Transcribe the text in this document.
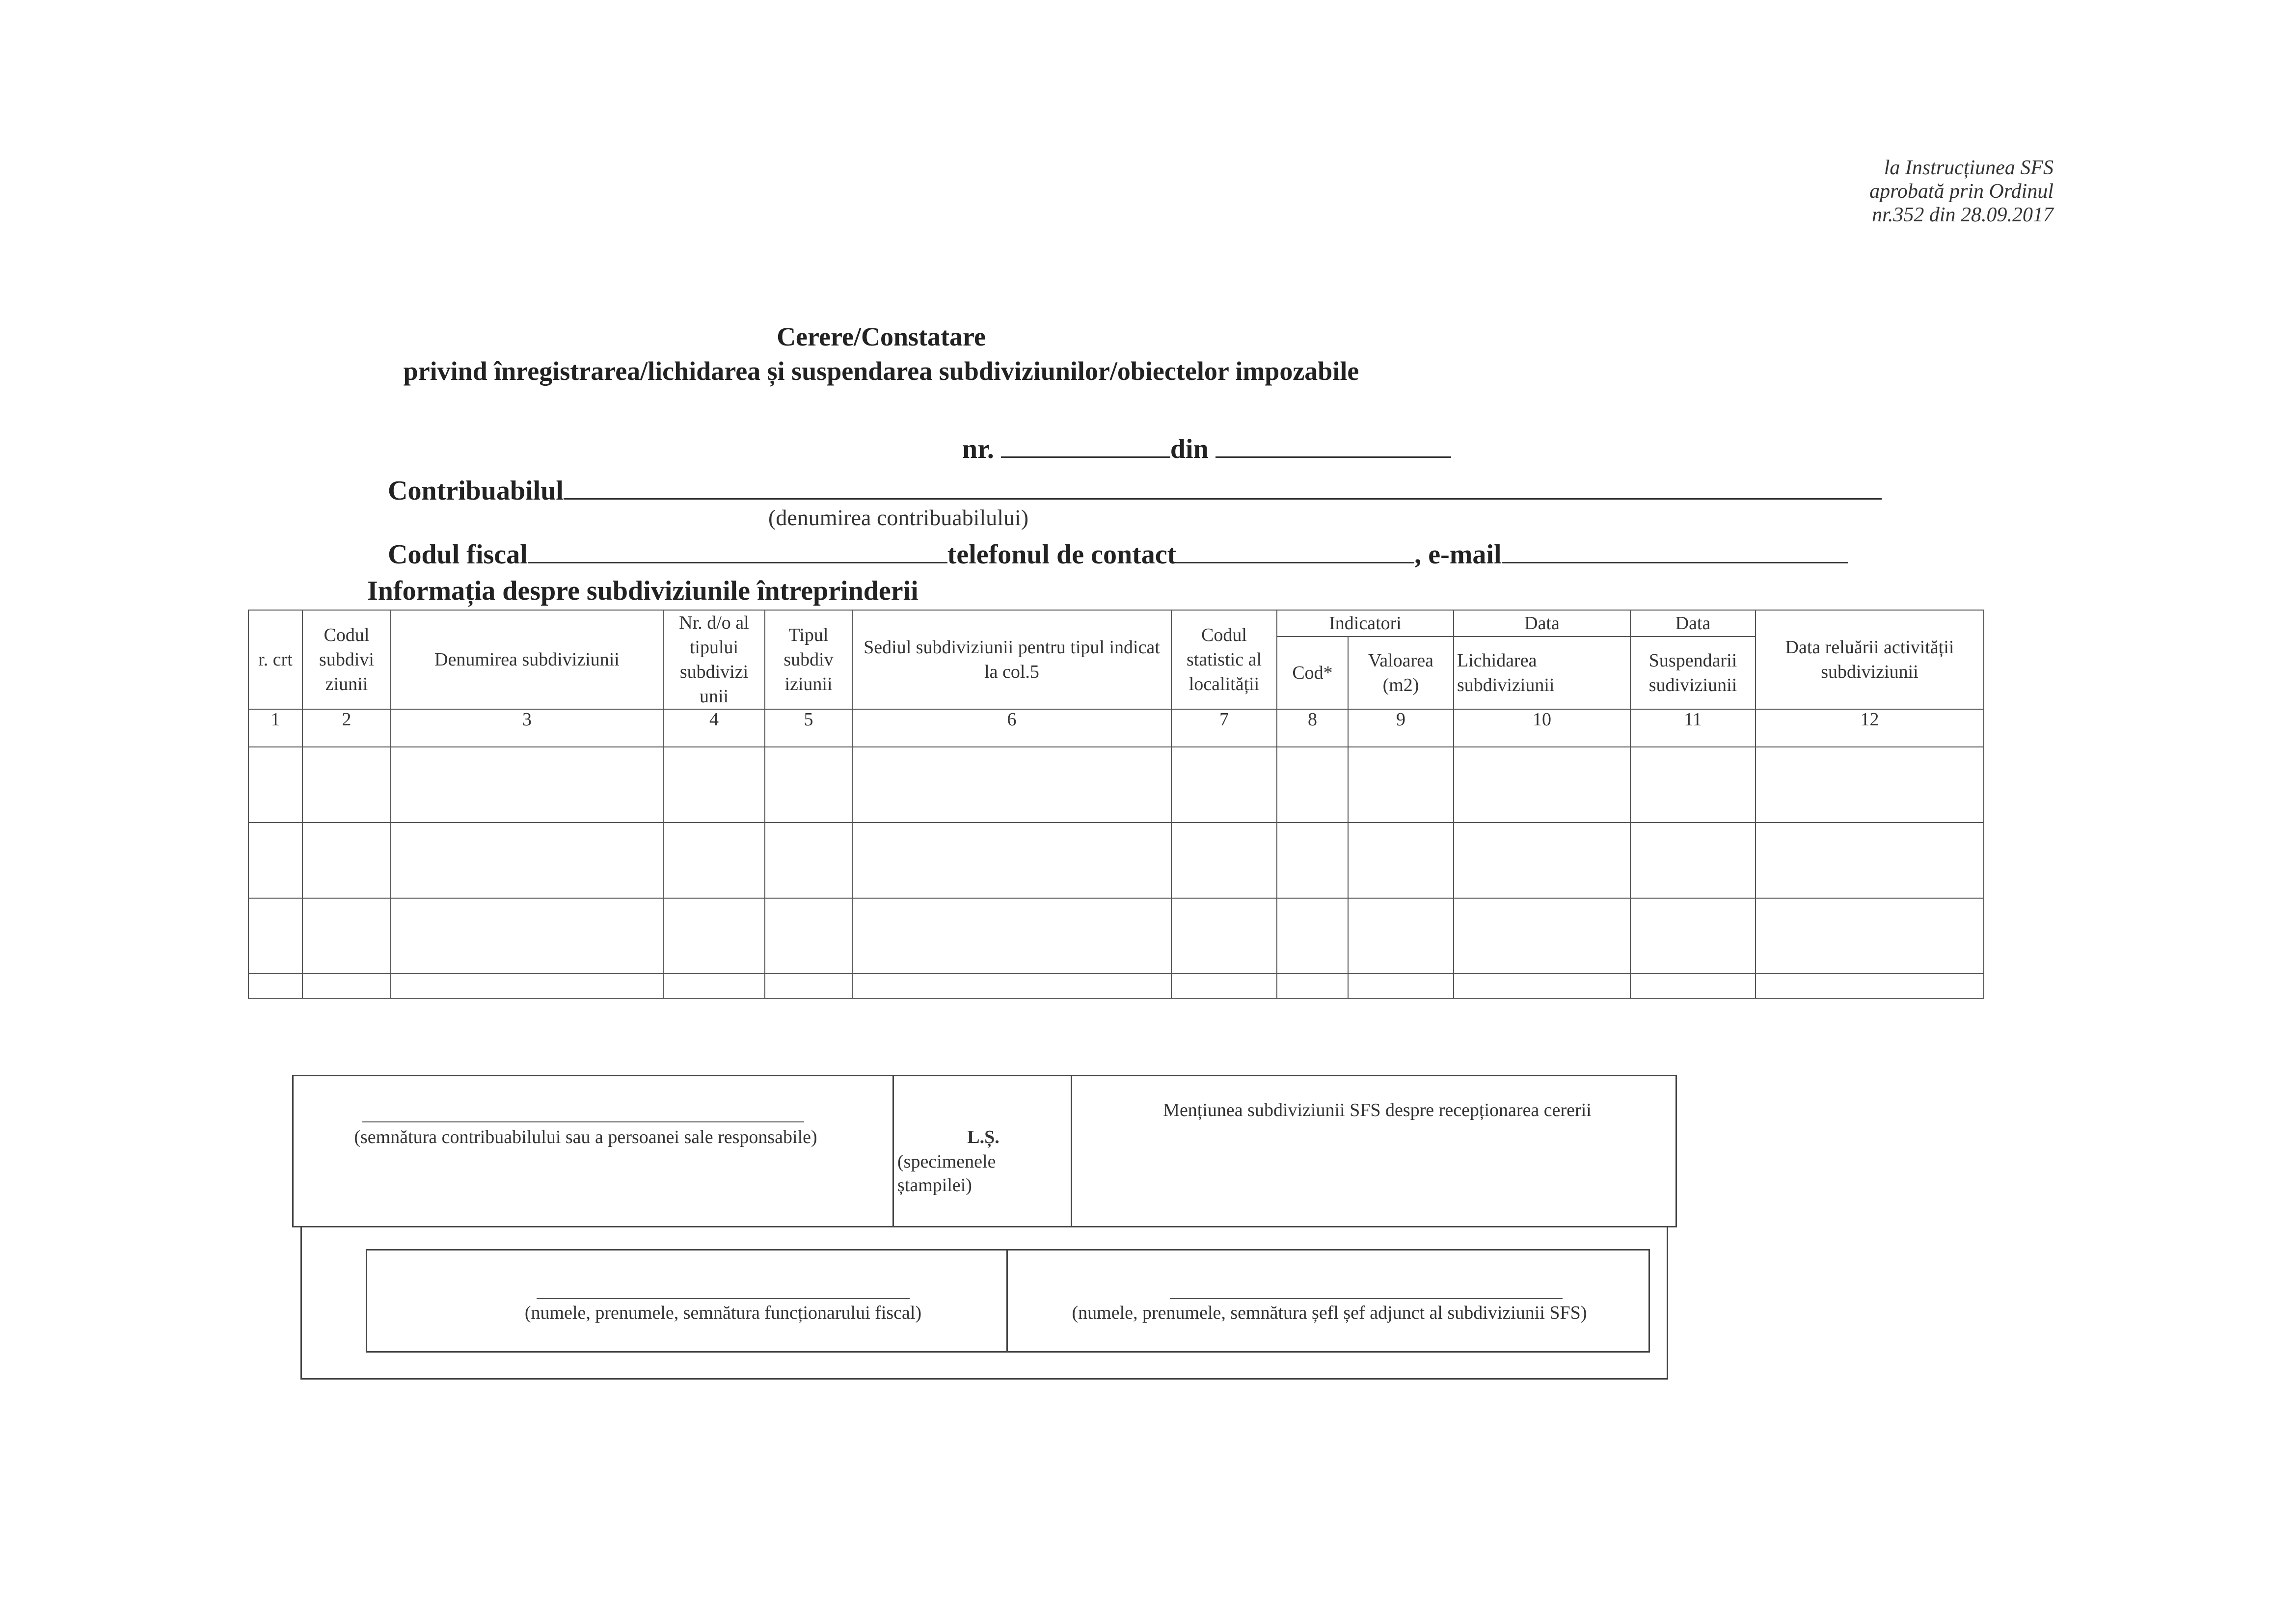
la Instrucțiunea SFS
aprobată prin Ordinul
nr.352 din 28.09.2017
Cerere/Constatare
privind înregistrarea/lichidarea și suspendarea subdiviziunilor/obiectelor impozabile
nr.	din
Contribuabilul
(denumirea contribuabilului)
Codul fiscal	telefonul de contact	, e-mail
Informația despre subdiviziunile întreprinderii
r. crt	Codul subdivi ziunii	Denumirea subdiviziunii	Nr. d/o al tipului subdivizi unii	Tipul subdiv iziunii	Sediul subdiviziunii pentru tipul indicat la col.5	Codul statistic al localității	Indicatori		Data	Data	Data reluării activității subdiviziunii
							Cod*	Valoarea (m2)	Lichidarea subdiviziunii	Suspendarii sudiviziunii	
1	2	3	4	5	6	7	8	9	10	11	12

(semnătura contribuabilului sau a persoanei sale responsabile)	L.Ș.
(specimenele ștampilei)
Mențiunea subdiviziunii SFS despre recepționarea cererii
(numele, prenumele, semnătura funcționarului fiscal)	(numele, prenumele, semnătura șefl șef adjunct al subdiviziunii SFS)
